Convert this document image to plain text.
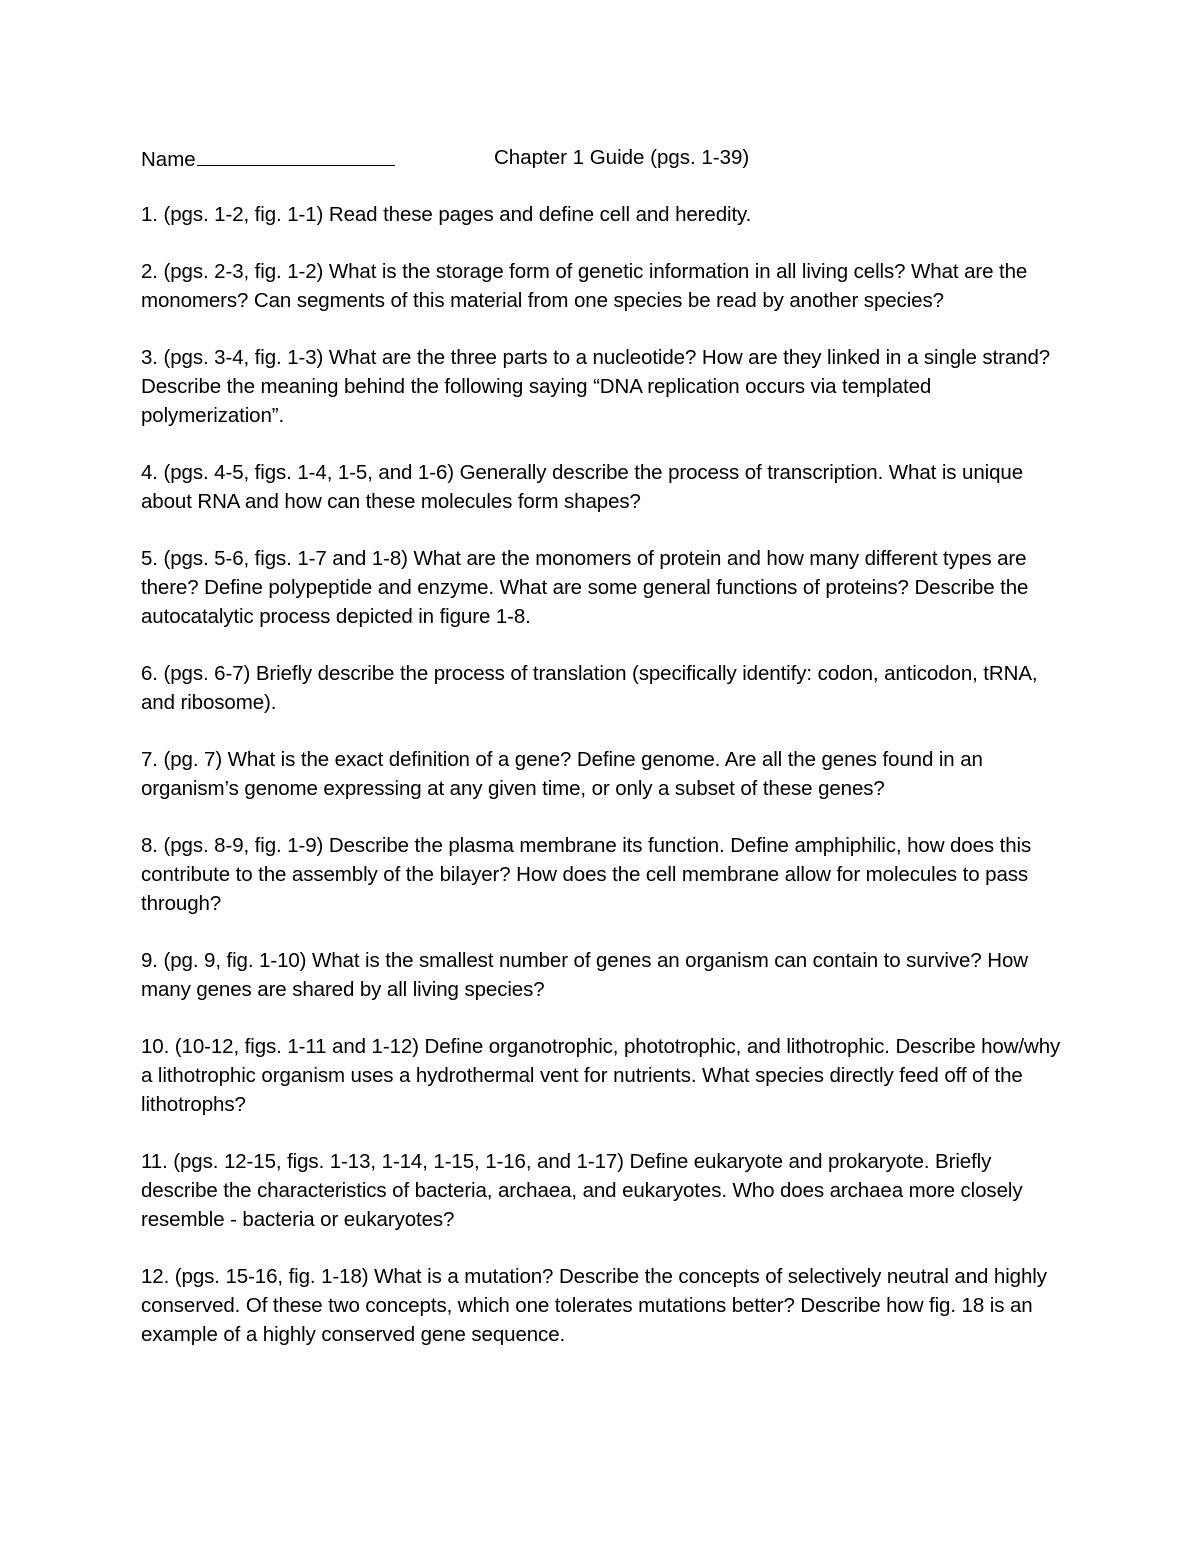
Name	Chapter 1 Guide (pgs. 1-39)
1. (pgs. 1-2, fig. 1-1) Read these pages and define cell and heredity.
2. (pgs. 2-3, fig. 1-2) What is the storage form of genetic information in all living cells? What are the monomers? Can segments of this material from one species be read by another species?
3. (pgs. 3-4, fig. 1-3) What are the three parts to a nucleotide? How are they linked in a single strand? Describe the meaning behind the following saying “DNA replication occurs via templated polymerization”.
4. (pgs. 4-5, figs. 1-4, 1-5, and 1-6) Generally describe the process of transcription. What is unique about RNA and how can these molecules form shapes?
5. (pgs. 5-6, figs. 1-7 and 1-8) What are the monomers of protein and how many different types are there? Define polypeptide and enzyme. What are some general functions of proteins? Describe the autocatalytic process depicted in figure 1-8.
6. (pgs. 6-7) Briefly describe the process of translation (specifically identify: codon, anticodon, tRNA, and ribosome).
7. (pg. 7) What is the exact definition of a gene? Define genome. Are all the genes found in an organism’s genome expressing at any given time, or only a subset of these genes?
8. (pgs. 8-9, fig. 1-9) Describe the plasma membrane its function. Define amphiphilic, how does this contribute to the assembly of the bilayer? How does the cell membrane allow for molecules to pass through?
9. (pg. 9, fig. 1-10) What is the smallest number of genes an organism can contain to survive? How many genes are shared by all living species?
10. (10-12, figs. 1-11 and 1-12) Define organotrophic, phototrophic, and lithotrophic. Describe how/why a lithotrophic organism uses a hydrothermal vent for nutrients. What species directly feed off of the lithotrophs?
11. (pgs. 12-15, figs. 1-13, 1-14, 1-15, 1-16, and 1-17) Define eukaryote and prokaryote. Briefly describe the characteristics of bacteria, archaea, and eukaryotes. Who does archaea more closely resemble - bacteria or eukaryotes?
12. (pgs. 15-16, fig. 1-18) What is a mutation? Describe the concepts of selectively neutral and highly conserved. Of these two concepts, which one tolerates mutations better? Describe how fig. 18 is an example of a highly conserved gene sequence.
